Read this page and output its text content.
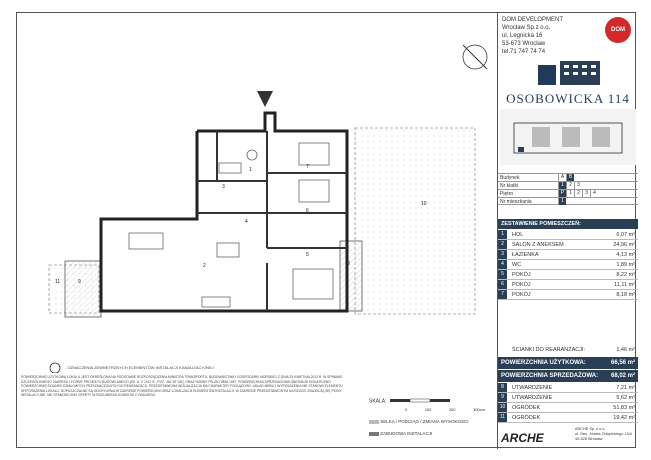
1
2
3
4
5
6
7
8
9
10
11
- OZNACZENIA ZEWNĘTRZNYCH ELEMENTÓW INSTALACJI KANALIZACYJNEJ
POWIERZCHNIĘ UŻYTKOWĄ LOKALU JEST OKREŚLONA NA PODSTAWIE ROZPORZĄDZENIA MINISTRA TRANSPORTU, BUDOWNICTWA I GOSPODARKI MORSKIEJ Z DNIA 25 KWIETNIA 2012 R. W SPRAWIE SZCZEGÓŁOWEGO ZAKRESU I FORMY PROJEKTU BUDOWLANEGO (DZ. U. Z 2012 R., POZ. 462 ZE ZM.) ORAZ NORMY PN-ISO 9836:1997. POWIERZCHNIA SPRZEDAŻOWA OBEJMUJE DODATKOWO POWIERZCHNIĘ ŚCIANEK DZIAŁOWYCH PRZEZNACZONYCH DO REARANŻACJI. PRZEDSTAWIONA WIZUALIZACJA MA CHARAKTER POGLĄDOWY. UKŁAD MEBLI I WYPOSAŻENIA NIE STANOWI ELEMENTU WYPOSAŻENIA LOKALU. DOPUSZCZALNE SĄ ODCHYLENIA W ZAKRESIE POWIERZCHNI ORAZ LOKALIZACJI ELEMENTÓW INSTALACJI. W ZAKRESIE PRZEDSTAWIONYM NA RZUCIE ZNAJDUJĄ SIĘ PIONY INSTALACYJNE. NIE STANOWI ONO OFERTY W ROZUMIENIU KODEKSU CYWILNEGO.
SKALA:
0	100	200	300cm
SELKA / PODCIĄG / ZMIANA WYSOKOŚCI
ZABUDOWA INSTALACJI
DOM DEVELOPMENT
Wrocław Sp.z o.o.
ul. Legnicka 16
53-673 Wrocław
tel.71 747 74 74
DOM
OSOBOWICKA 114
Budynek	A B
Nr klatki	1	2	3
Piętro	P 1	2	3	4
Nr mieszkania	1
ZESTAWIENIE POMIESZCZEŃ:
1	HOL	6,07 m²
2	SALON Z ANEKSEM	24,96 m²
3	ŁAZIENKA	4,13 m²
4	WC	1,89 m²
5	POKÓJ	8,22 m²
6	POKÓJ	11,11 m²
7	POKÓJ	8,18 m²
ŚCIANKI DO REARANŻACJI:	1,46 m²
POWIERZCHNIA UŻYTKOWA:	66,56 m²
POWIERZCHNIA SPRZEDAŻOWA: 68,02 m²
8	UTWARDZENIE	7,21 m²
9	UTWARDZENIE	5,62 m²
10	OGRÓDEK	51,83 m²
11	OGRÓDEK	19,42 m²
ARCHE
ARCHE Sp. z o.o.
ul. Gen. Józefa Chłopickiego 13/4
40-528 Wrocław
